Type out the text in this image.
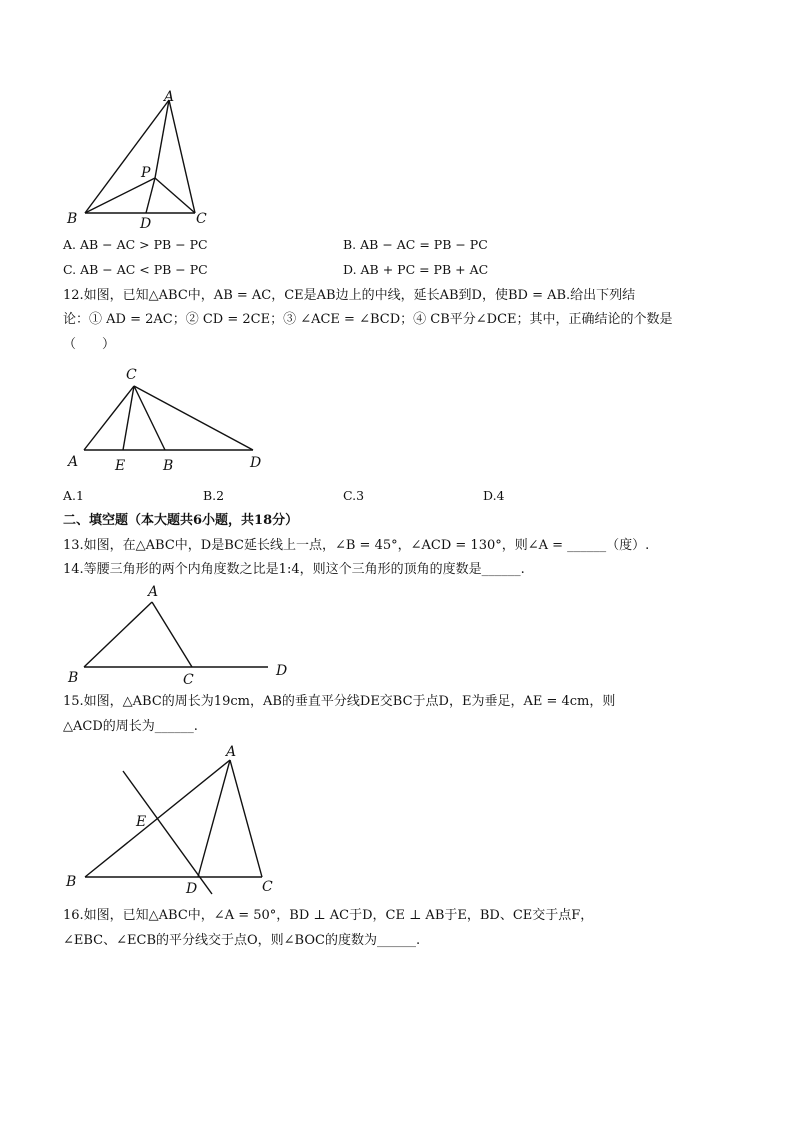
A
P
B	D	C
A. AB − AC > PB − PC	B. AB − AC = PB − PC
C. AB − AC < PB − PC	D. AB + PC = PB + AC
12.如图，已知△ABC中，AB = AC，CE是AB边上的中线，延长AB到D，使BD = AB.给出下列结
论：① AD = 2AC；② CD = 2CE；③ ∠ACE = ∠BCD；④ CB平分∠DCE；其中，正确结论的个数是
（　　）
C
A	E	B	D
A.1	B.2	C.3	D.4
二、填空题（本大题共6小题，共18分）
13.如图，在△ABC中，D是BC延长线上一点，∠B = 45°，∠ACD = 130°，则∠A = ______（度）.
14.等腰三角形的两个内角度数之比是1:4，则这个三角形的顶角的度数是______.
A
B	C
D
15.如图，△ABC的周长为19cm，AB的垂直平分线DE交BC于点D，E为垂足，AE = 4cm，则
△ACD的周长为______.
A
E
B	D	C
16.如图，已知△ABC中，∠A = 50°，BD ⊥ AC于D，CE ⊥ AB于E，BD、CE交于点F，
∠EBC、∠ECB的平分线交于点O，则∠BOC的度数为______.
